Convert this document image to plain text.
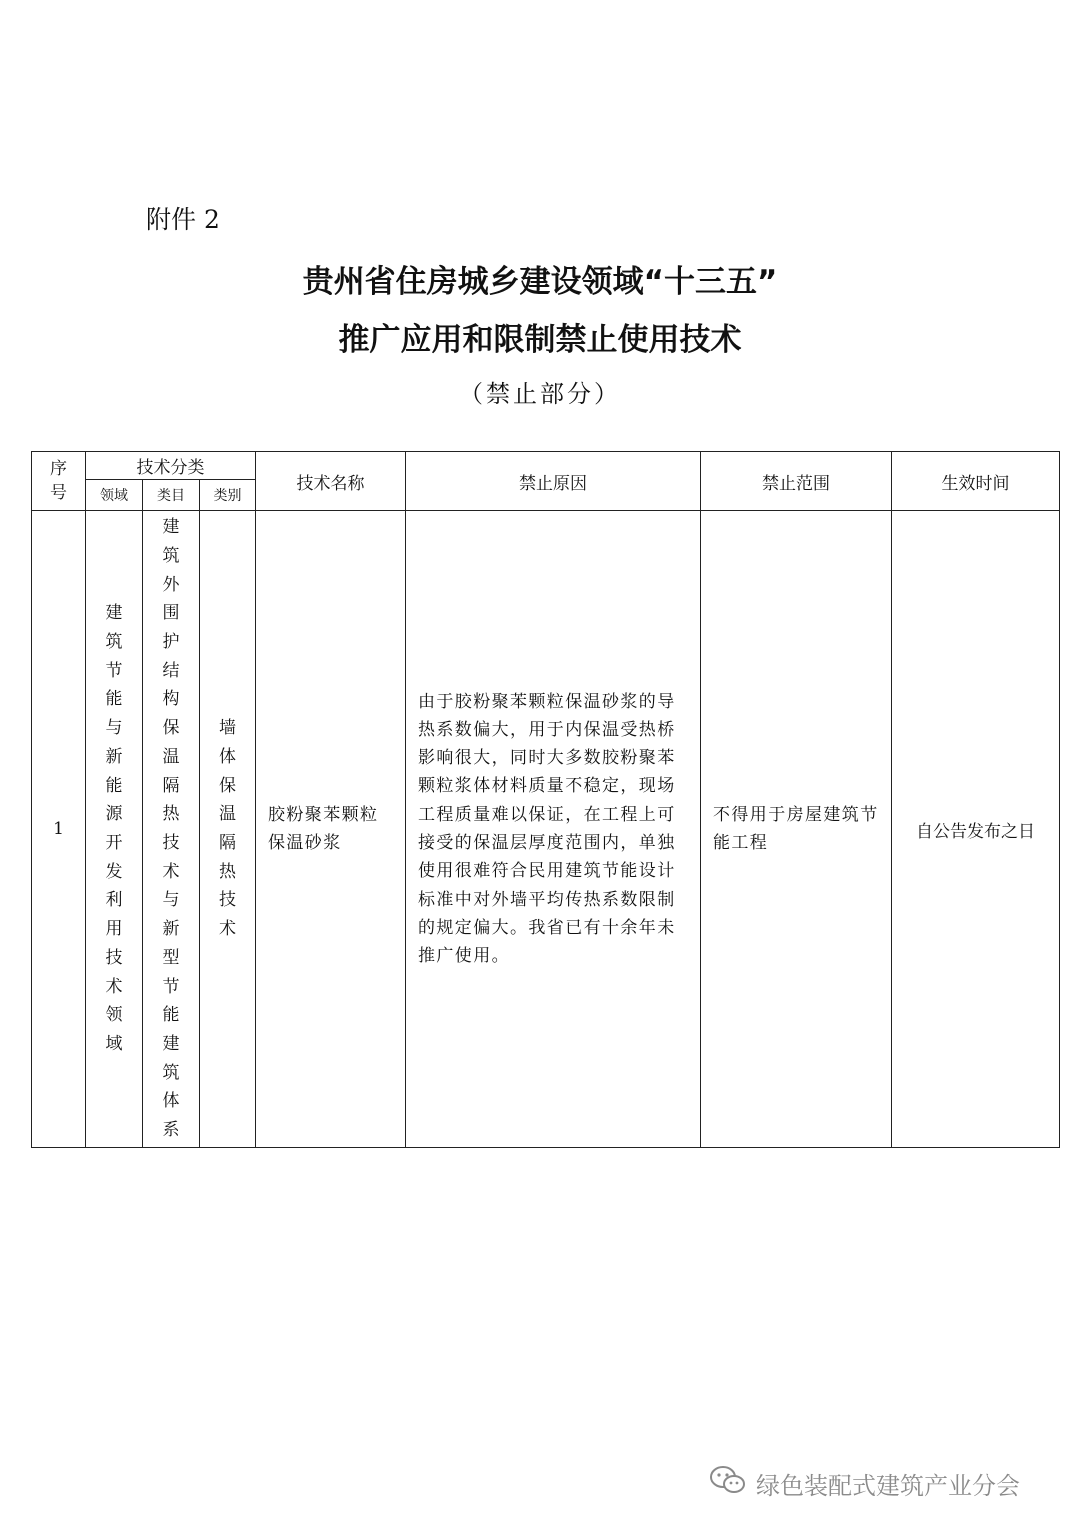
附件 2
贵州省住房城乡建设领域“十三五”
推广应用和限制禁止使用技术
（禁止部分）
序号	技术分类			技术名称	禁止原因	禁止范围	生效时间
	领域	类目	类别				
1	建筑节能与新能源开发利用技术领域	建筑外围护结构保温隔热技术与新型节能建筑体系	墙体保温隔热技术	胶粉聚苯颗粒保温砂浆	由于胶粉聚苯颗粒保温砂浆的导热系数偏大，用于内保温受热桥影响很大，同时大多数胶粉聚苯颗粒浆体材料质量不稳定，现场工程质量难以保证，在工程上可接受的保温层厚度范围内，单独使用很难符合民用建筑节能设计标准中对外墙平均传热系数限制的规定偏大。我省已有十余年未推广使用。	不得用于房屋建筑节能工程	自公告发布之日
绿色装配式建筑产业分会
